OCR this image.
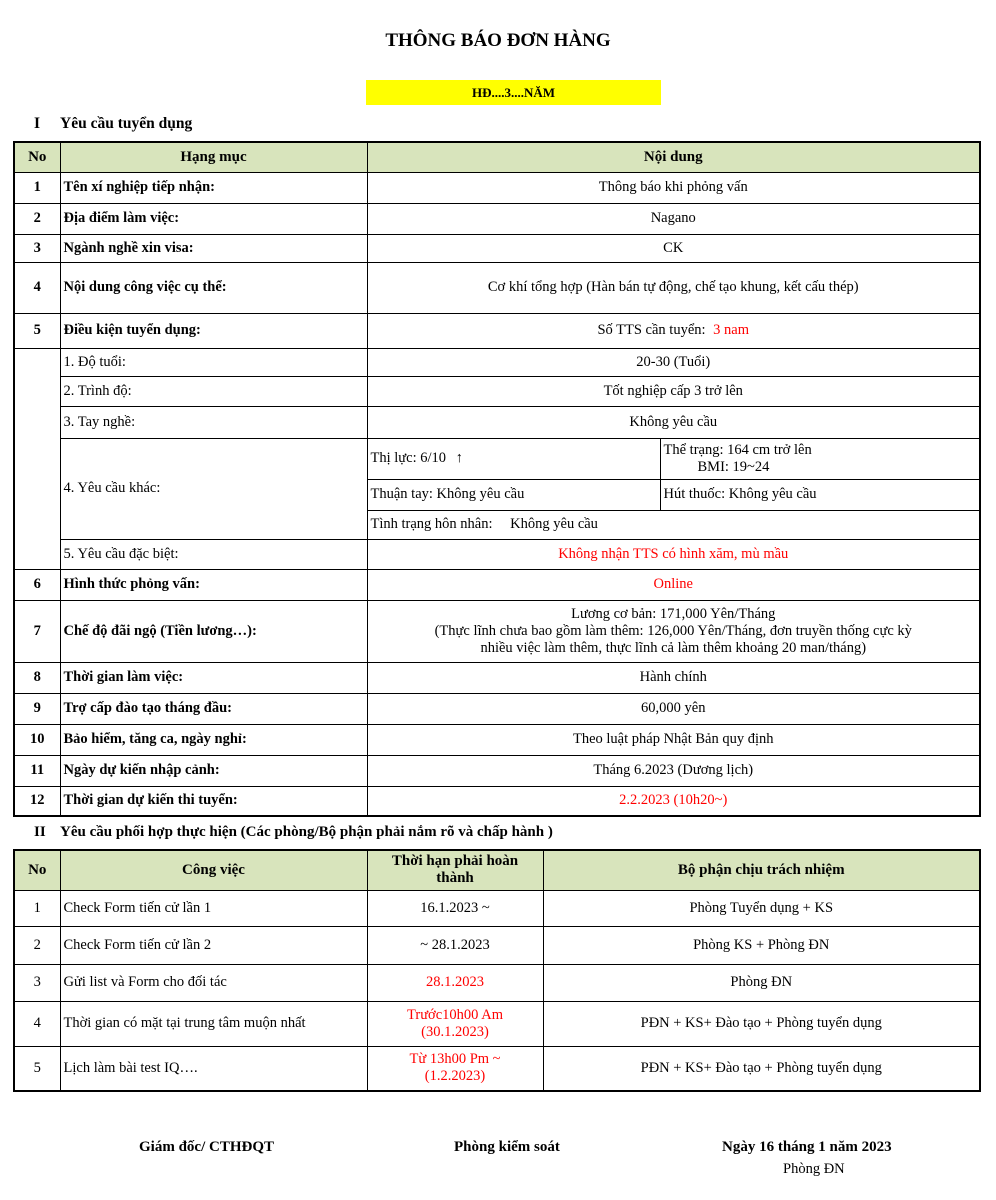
THÔNG BÁO ĐƠN HÀNG
HĐ....3....NĂM
I Yêu cầu tuyển dụng
No	Hạng mục	Nội dung	
1	Tên xí nghiệp tiếp nhận:	Thông báo khi phỏng vấn	
2	Địa điểm làm việc:	Nagano	
3	Ngành nghề xin visa:	CK	
4	Nội dung công việc cụ thể:	Cơ khí tổng hợp (Hàn bán tự động, chế tạo khung, kết cấu thép)	
5	Điều kiện tuyển dụng:	Số TTS cần tuyển: 3 nam	
	1. Độ tuổi:	20-30 (Tuổi)	
	2. Trình độ:	Tốt nghiệp cấp 3 trở lên	
	3. Tay nghề:	Không yêu cầu	
	4. Yêu cầu khác:	Thị lực: 6/10 ↑	Thể trạng: 164 cm trở lên
BMI: 19~24

		Thuận tay: Không yêu cầu	Hút thuốc: Không yêu cầu
		Tình trạng hôn nhân: Không yêu cầu	
	5. Yêu cầu đặc biệt:	Không nhận TTS có hình xăm, mù mầu	
6	Hình thức phỏng vấn:	Online	
7	Chế độ đãi ngộ (Tiền lương…):	Lương cơ bản: 171,000 Yên/Tháng
(Thực lĩnh chưa bao gồm làm thêm: 126,000 Yên/Tháng, đơn truyền thống cực kỳ
nhiều việc làm thêm, thực lĩnh cả làm thêm khoảng 20 man/tháng)	

8	Thời gian làm việc:	Hành chính	
9	Trợ cấp đào tạo tháng đầu:	60,000 yên	
10	Bảo hiểm, tăng ca, ngày nghỉ:	Theo luật pháp Nhật Bản quy định	
11	Ngày dự kiến nhập cảnh:	Tháng 6.2023 (Dương lịch)	
12	Thời gian dự kiến thi tuyển:	2.2.2023 (10h20~)	
II Yêu cầu phối hợp thực hiện (Các phòng/Bộ phận phải nắm rõ và chấp hành )
No	Công việc	Thời hạn phải hoàn
thành	Bộ phận chịu trách nhiệm
1	Check Form tiến cử lần 1	16.1.2023 ~	Phòng Tuyển dụng + KS
2	Check Form tiến cử lần 2	~ 28.1.2023	Phòng KS + Phòng ĐN
3	Gửi list và Form cho đối tác	28.1.2023	Phòng ĐN
4	Thời gian có mặt tại trung tâm muộn nhất	Trước10h00 Am
(30.1.2023)	PĐN + KS+ Đào tạo + Phòng tuyển dụng
5	Lịch làm bài test IQ….	Từ 13h00 Pm ~
(1.2.2023)	PĐN + KS+ Đào tạo + Phòng tuyển dụng
Giám đốc/ CTHĐQT	Phòng kiểm soát	Ngày 16 tháng 1 năm 2023
Phòng ĐN
